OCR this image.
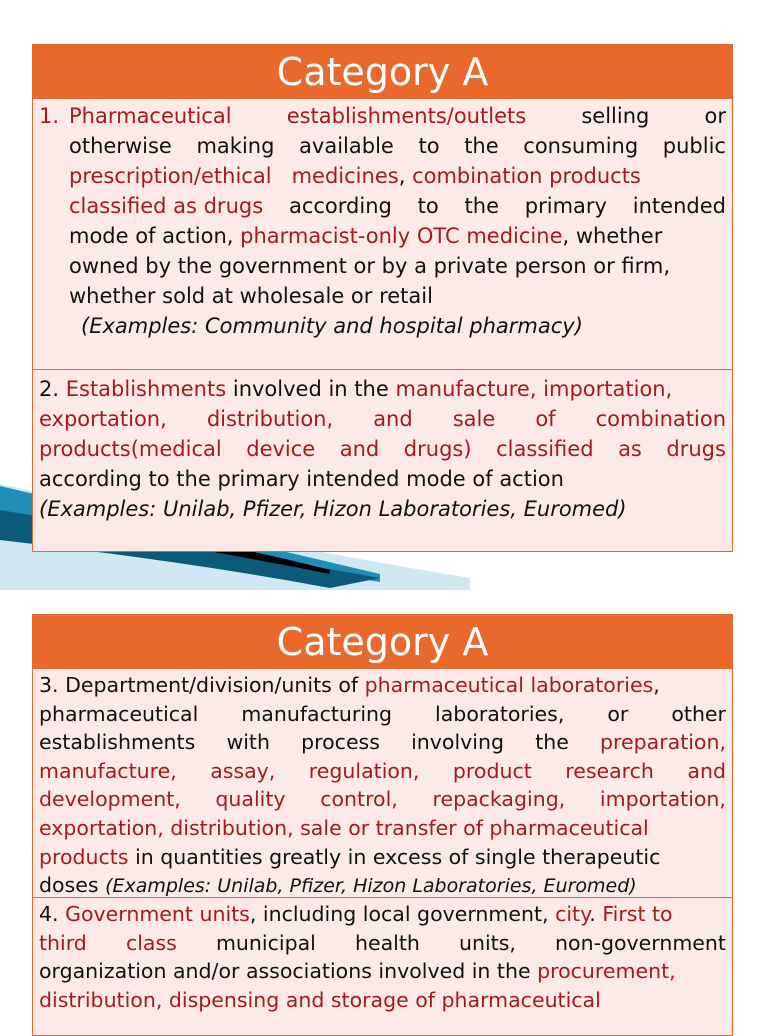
Category A
1. Pharmaceutical	establishments/outlets	selling	or
otherwise making available to the consuming public
prescription/ethical medicines, combination products
classified as drugs according to the primary intended
mode of action, pharmacist-only OTC medicine, whether
owned by the government or by a private person or firm,
whether sold at wholesale or retail
(Examples: Community and hospital pharmacy)
2. Establishments involved in the manufacture, importation,
exportation, distribution, and sale of combination
products(medical device and drugs) classified as drugs
according to the primary intended mode of action
(Examples: Unilab, Pfizer, Hizon Laboratories, Euromed)
Category A
3. Department/division/units of pharmaceutical laboratories,
pharmaceutical manufacturing laboratories, or other
establishments with process involving the preparation,
manufacture, assay, regulation, product research and
development, quality control, repackaging, importation,
exportation, distribution, sale or transfer of pharmaceutical
products in quantities greatly in excess of single therapeutic
doses (Examples: Unilab, Pfizer, Hizon Laboratories, Euromed)
4. Government units, including local government, city. First to
third class municipal health units, non-government
organization and/or associations involved in the procurement,
distribution, dispensing and storage of pharmaceutical
